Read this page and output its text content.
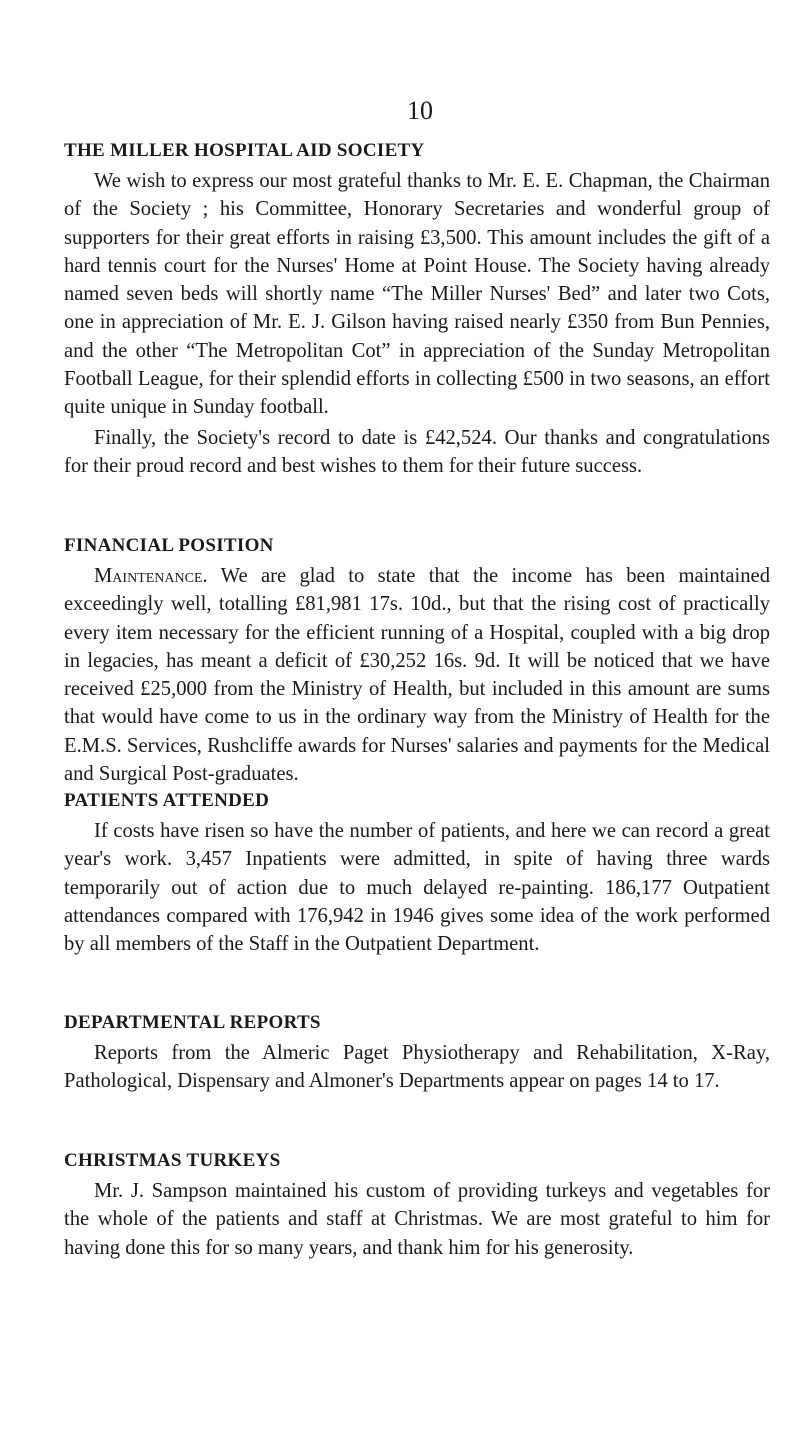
10
THE MILLER HOSPITAL AID SOCIETY

We wish to express our most grateful thanks to Mr. E. E. Chapman, the Chairman of the Society ; his Committee, Honorary Secretaries and wonderful group of supporters for their great efforts in raising £3,500. This amount includes the gift of a hard tennis court for the Nurses' Home at Point House. The Society having already named seven beds will shortly name “The Miller Nurses' Bed” and later two Cots, one in appreciation of Mr. E. J. Gilson having raised nearly £350 from Bun Pennies, and the other “The Metropolitan Cot” in appreciation of the Sunday Metropolitan Football League, for their splendid efforts in collecting £500 in two seasons, an effort quite unique in Sunday football.

Finally, the Society's record to date is £42,524. Our thanks and congratulations for their proud record and best wishes to them for their future success.

FINANCIAL POSITION

Maintenance. We are glad to state that the income has been maintained exceedingly well, totalling £81,981 17s. 10d., but that the rising cost of practically every item necessary for the efficient running of a Hospital, coupled with a big drop in legacies, has meant a deficit of £30,252 16s. 9d. It will be noticed that we have received £25,000 from the Ministry of Health, but included in this amount are sums that would have come to us in the ordinary way from the Ministry of Health for the E.M.S. Services, Rushcliffe awards for Nurses' salaries and payments for the Medical and Surgical Post-graduates.

PATIENTS ATTENDED

If costs have risen so have the number of patients, and here we can record a great year's work. 3,457 Inpatients were admitted, in spite of having three wards temporarily out of action due to much delayed re-painting. 186,177 Outpatient attendances compared with 176,942 in 1946 gives some idea of the work performed by all members of the Staff in the Outpatient Department.

DEPARTMENTAL REPORTS

Reports from the Almeric Paget Physiotherapy and Rehabilitation, X-Ray, Pathological, Dispensary and Almoner's Departments appear on pages 14 to 17.

CHRISTMAS TURKEYS

Mr. J. Sampson maintained his custom of providing turkeys and vegetables for the whole of the patients and staff at Christmas. We are most grateful to him for having done this for so many years, and thank him for his generosity.
